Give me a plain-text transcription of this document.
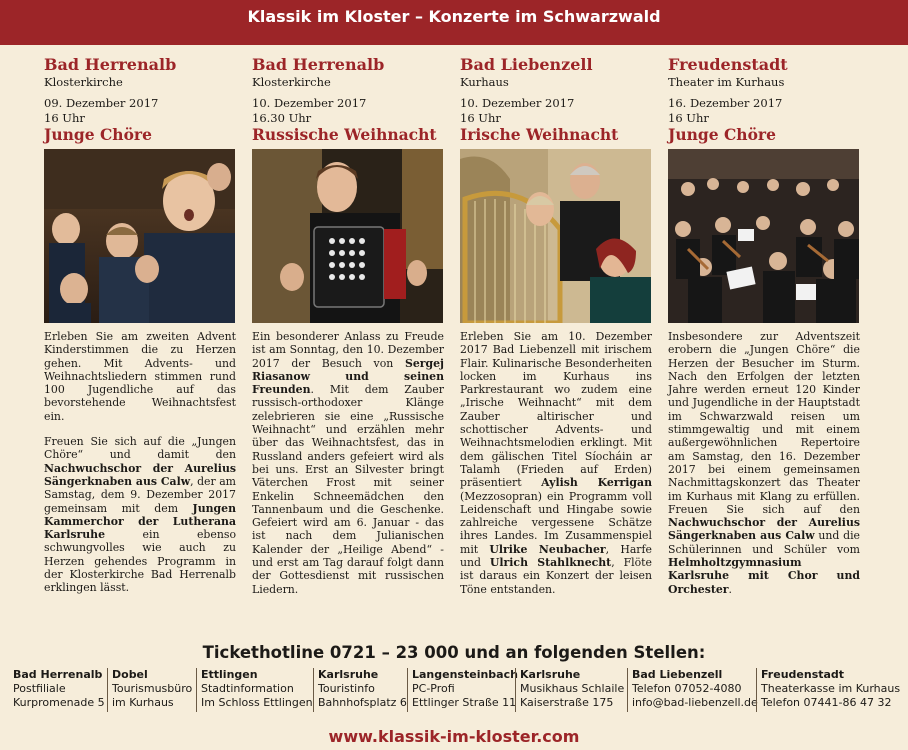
Klassik im Kloster – Konzerte im Schwarzwald
Bad Herrenalb
Klosterkirche
09. Dezember 2017
16 Uhr
Junge Chöre

Erleben Sie am zweiten Advent Kinderstimmen die zu Herzen gehen. Mit Advents- und Weihnachtsliedern stimmen rund 100 Jugendliche auf das bevorstehende Weihnachtsfest ein.

Freuen Sie sich auf die „Jungen Chöre“ und damit den Nachwuchschor der Aurelius Sängerknaben aus Calw, der am Samstag, dem 9. Dezember 2017 gemeinsam mit dem Jungen Kammerchor der Lutherana Karlsruhe ein ebenso schwungvolles wie auch zu Herzen gehendes Programm in der Klosterkirche Bad Herrenalb erklingen lässt.

Bad Herrenalb
Klosterkirche
10. Dezember 2017
16.30 Uhr
Russische Weihnacht

Ein besonderer Anlass zu Freude ist am Sonntag, den 10. Dezember 2017 der Besuch von Sergej Riasanow und seinen Freunden. Mit dem Zauber russisch-orthodoxer Klänge zelebrieren sie eine „Russische Weihnacht“ und erzählen mehr über das Weihnachtsfest, das in Russland anders gefeiert wird als bei uns. Erst an Silvester bringt Väterchen Frost mit seiner Enkelin Schneemädchen den Tannenbaum und die Geschenke. Gefeiert wird am 6. Januar - das ist nach dem Julianischen Kalender der „Heilige Abend“ - und erst am Tag darauf folgt dann der Gottesdienst mit russischen Liedern.

Bad Liebenzell
Kurhaus
10. Dezember 2017
16 Uhr
Irische Weihnacht

Erleben Sie am 10. Dezember 2017 Bad Liebenzell mit irischem Flair. Kulinarische Besonderheiten locken im Kurhaus ins Parkrestaurant wo zudem eine „Irische Weihnacht“ mit dem Zauber altirischer und schottischer Advents- und Weihnachtsmelodien erklingt. Mit dem gälischen Titel Síocháin ar Talamh (Frieden auf Erden) präsentiert Aylish Kerrigan (Mezzosopran) ein Programm voll Leidenschaft und Hingabe sowie zahlreiche vergessene Schätze ihres Landes. Im Zusammenspiel mit Ulrike Neubacher, Harfe und Ulrich Stahlknecht, Flöte ist daraus ein Konzert der leisen Töne entstanden.

Freudenstadt
Theater im Kurhaus
16. Dezember 2017
16 Uhr
Junge Chöre

Insbesondere zur Adventszeit erobern die „Jungen Chöre“ die Herzen der Besucher im Sturm. Nach den Erfolgen der letzten Jahre werden erneut 120 Kinder und Jugendliche in der Hauptstadt im Schwarzwald reisen um stimmgewaltig und mit einem außergewöhnlichen Repertoire am Samstag, den 16. Dezember 2017 bei einem gemeinsamen Nachmittagskonzert das Theater im Kurhaus mit Klang zu erfüllen. Freuen Sie sich auf den Nachwuchschor der Aurelius Sängerknaben aus Calw und die Schülerinnen und Schüler vom Helmholtzgymnasium Karlsruhe mit Chor und Orchester.

Tickethotline 0721 – 23 000 und an folgenden Stellen:
Bad Herrenalb
Postfiliale
Kurpromenade 5
Dobel
Tourismusbüro
im Kurhaus
Ettlingen
Stadtinformation
Im Schloss Ettlingen
Karlsruhe
Touristinfo
Bahnhofsplatz 6
Langensteinbach
PC-Profi
Ettlinger Straße 11
Karlsruhe
Musikhaus Schlaile
Kaiserstraße 175
Bad Liebenzell
Telefon 07052-4080
info@bad-liebenzell.de
Freudenstadt
Theaterkasse im Kurhaus
Telefon 07441-86 47 32
www.klassik-im-kloster.com
